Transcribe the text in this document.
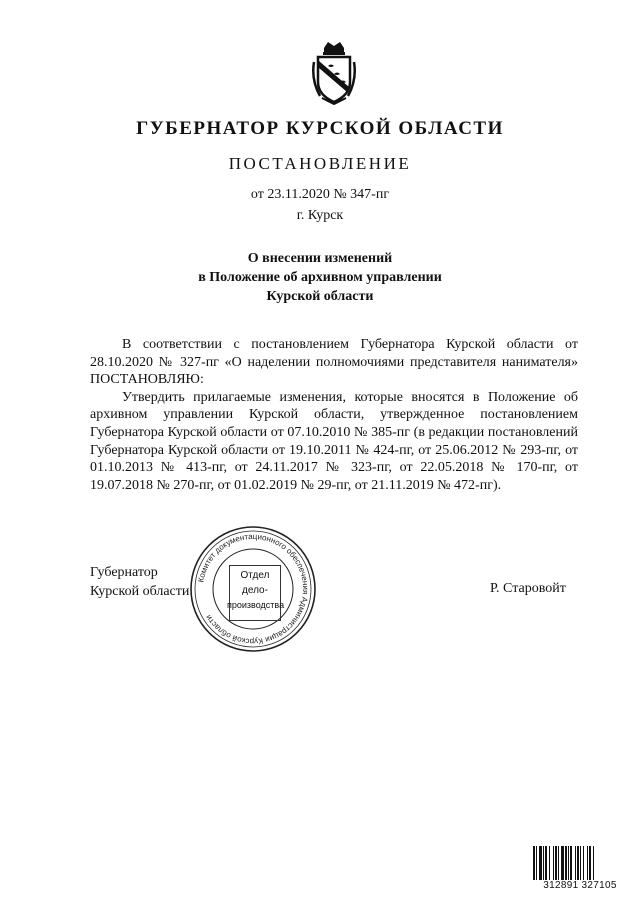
ГУБЕРНАТОР КУРСКОЙ ОБЛАСТИ
ПОСТАНОВЛЕНИЕ
от 23.11.2020 № 347-пг
г. Курск
О внесении изменений
в Положение об архивном управлении
Курской области

В соответствии с постановлением Губернатора Курской области от 28.10.2020 № 327-пг «О наделении полномочиями представителя нанимателя» ПОСТАНОВЛЯЮ:

Утвердить прилагаемые изменения, которые вносятся в Положение об архивном управлении Курской области, утвержденное постановлением Губернатора Курской области от 07.10.2010 № 385-пг (в редакции постановлений Губернатора Курской области от 19.10.2011 № 424-пг, от 25.06.2012 № 293-пг, от 01.10.2013 № 413-пг, от 24.11.2017 № 323-пг, от 22.05.2018 № 170-пг, от 19.07.2018 № 270-пг, от 01.02.2019 № 29-пг, от 21.11.2019 № 472-пг).

Губернатор
Курской области	Р. Старовойт
Комитет документационного обеспечения Администрации Курской области
Отдел
дело-
производства
312891 327105
